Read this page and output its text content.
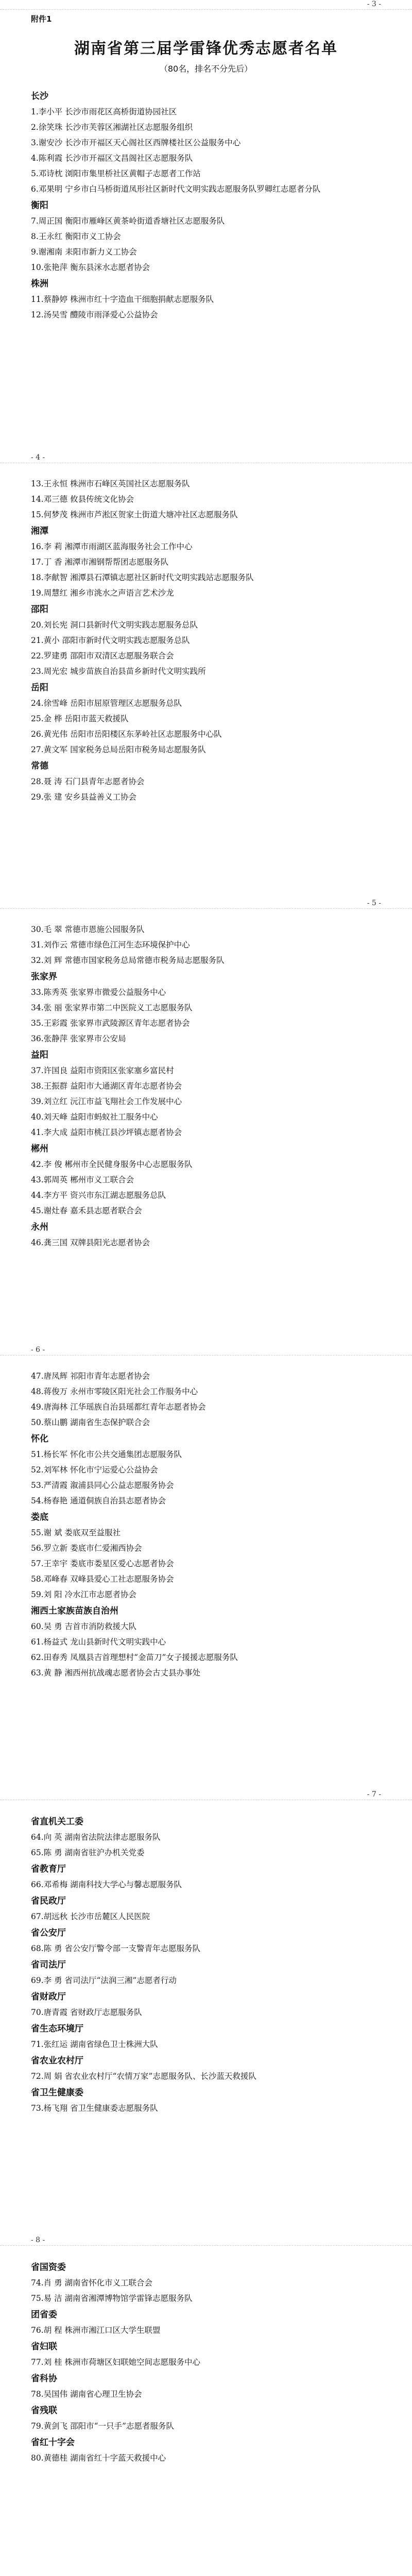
- 3 -

附件1

湖南省第三届学雷锋优秀志愿者名单

（80名，排名不分先后）

长沙

1.李小平 长沙市雨花区高桥街道协园社区

2.徐笑珠 长沙市芙蓉区湘湖社区志愿服务组织

3.谢安沙 长沙市开福区天心阁社区西牌楼社区公益服务中心

4.陈利霞 长沙市开福区文昌阁社区志愿服务队

5.邓诗枕 浏阳市集里桥社区黄帽子志愿者工作站

6.邓果明 宁乡市白马桥街道凤形社区新时代文明实践志愿服务队罗卿红志愿者分队

衡阳

7.周正国 衡阳市雁峰区黄茶岭街道香塘社区志愿服务队

8.王永红 衡阳市义工协会

9.谢湘南 耒阳市新力义工协会

10.张艳萍 衡东县洣水志愿者协会

株洲

11.蔡静婷 株洲市红十字造血干细胞捐献志愿服务队

12.汤吴雪 醴陵市雨泽爱心公益协会

- 4 -

13.王永恒 株洲市石峰区英国社区志愿服务队

14.邓三德 攸县传统文化协会

15.何梦茂 株洲市芦淞区贺家土街道大塘冲社区志愿服务队

湘潭

16.李 莉 湘潭市雨湖区蓝海服务社会工作中心

17.丁 香 湘潭市湘钢帮帮团志愿服务队

18.李献智 湘潭县石潭镇志愿社区新时代文明实践站志愿服务队

19.周慧红 湘乡市洮水之声语言艺术沙龙

邵阳

20.刘长宪 洞口县新时代文明实践志愿服务总队

21.黄小 邵阳市新时代文明实践志愿服务总队

22.罗建勇 邵阳市双清区志愿服务联合会

23.周光宏 城步苗族自治县苗乡新时代文明实践所

岳阳

24.徐雪峰 岳阳市屈原管理区志愿服务总队

25.金 桦 岳阳市蓝天救援队

26.黄光伟 岳阳市岳阳楼区东茅岭社区志愿服务中心队

27.黄文军 国家税务总局岳阳市税务局志愿服务队

常德

28.聂 涛 石门县青年志愿者协会

29.张 建 安乡县益善义工协会

- 5 -

30.毛 翠 常德市恩施公园服务队

31.刘作云 常德市绿色江河生态环境保护中心

32.刘 辉 常德市国家税务总局常德市税务局志愿服务队

张家界

33.陈秀英 张家界市微爱公益服务中心

34.张 丽 张家界市第二中医院义工志愿服务队

35.王彩霞 张家界市武陵源区青年志愿者协会

36.张静萍 张家界市公安局

益阳

37.许国良 益阳市资阳区张家塞乡富民村

38.王振群 益阳市大通湖区青年志愿者协会

39.刘立红 沅江市益飞翔社会工作发展中心

40.刘天峰 益阳市蚂蚁社工服务中心

41.李大成 益阳市桃江县沙坪镇志愿者协会

郴州

42.李 俊 郴州市全民健身服务中心志愿服务队

43.郭周英 郴州市义工联合会

44.李方平 资兴市东江湖志愿服务总队

45.谢灶春 嘉禾县志愿者联合会

永州

46.龚三国 双牌县阳光志愿者协会

- 6 -

47.唐凤辉 祁阳市青年志愿者协会

48.蒋俊万 永州市零陵区阳光社会工作服务中心

49.唐海林 江华瑶族自治县瑶都红青年志愿者协会

50.蔡山鹏 湖南省生态保护联合会

怀化

51.杨长军 怀化市公共交通集团志愿服务队

52.刘军林 怀化市宁运爱心公益协会

53.严清霞 溆浦县同心公益志愿服务协会

54.杨春艳 通道侗族自治县志愿者协会

娄底

55.谢 斌 娄底双至益服社

56.罗立新 娄底市仁爱湘西协会

57.王幸宇 娄底市娄星区爱心志愿者协会

58.邓峰春 双峰县爱心工社志愿服务协会

59.刘 阳 冷水江市志愿者协会

湘西土家族苗族自治州

60.吴 勇 吉首市消防救援大队

61.杨益式 龙山县新时代文明实践中心

62.田春秀 凤凰县吉首理想村“金苗刀”女子援援志愿服务队

63.黄 静 湘西州抗战魂志愿者协会古丈县办事处

- 7 -

省直机关工委

64.向 英 湖南省法院法律志愿服务队

65.陈 勇 湖南省驻沪办机关党委

省教育厅

66.邓希梅 湖南科技大学心与馨志愿服务队

省民政厅

67.胡远秋 长沙市岳麓区人民医院

省公安厅

68.陈 勇 省公安厅警令部一支警青年志愿服务队

省司法厅

69.李 勇 省司法厅“法润三湘”志愿者行动

省财政厅

70.唐青霞 省财政厅志愿服务队

省生态环境厅

71.张红运 湖南省绿色卫士株洲大队

省农业农村厅

72.周 娟 省农业农村厅“农情万家”志愿服务队、长沙蓝天救援队

省卫生健康委

73.杨飞翔 省卫生健康委志愿服务队

- 8 -

省国资委

74.肖 勇 湖南省怀化市义工联合会

75.易 洁 湖南省湘潭博物馆学雷锋志愿服务队

团省委

76.胡 程 株洲市湘江口区大学生联盟

省妇联

77.刘 桂 株洲市荷塘区妇联她空间志愿服务中心

省科协

78.吴国伟 湖南省心理卫生协会

省残联

79.黄剑飞 邵阳市“一只手”志愿者服务队

省红十字会

80.黄德桂 湖南省红十字蓝天救援中心
